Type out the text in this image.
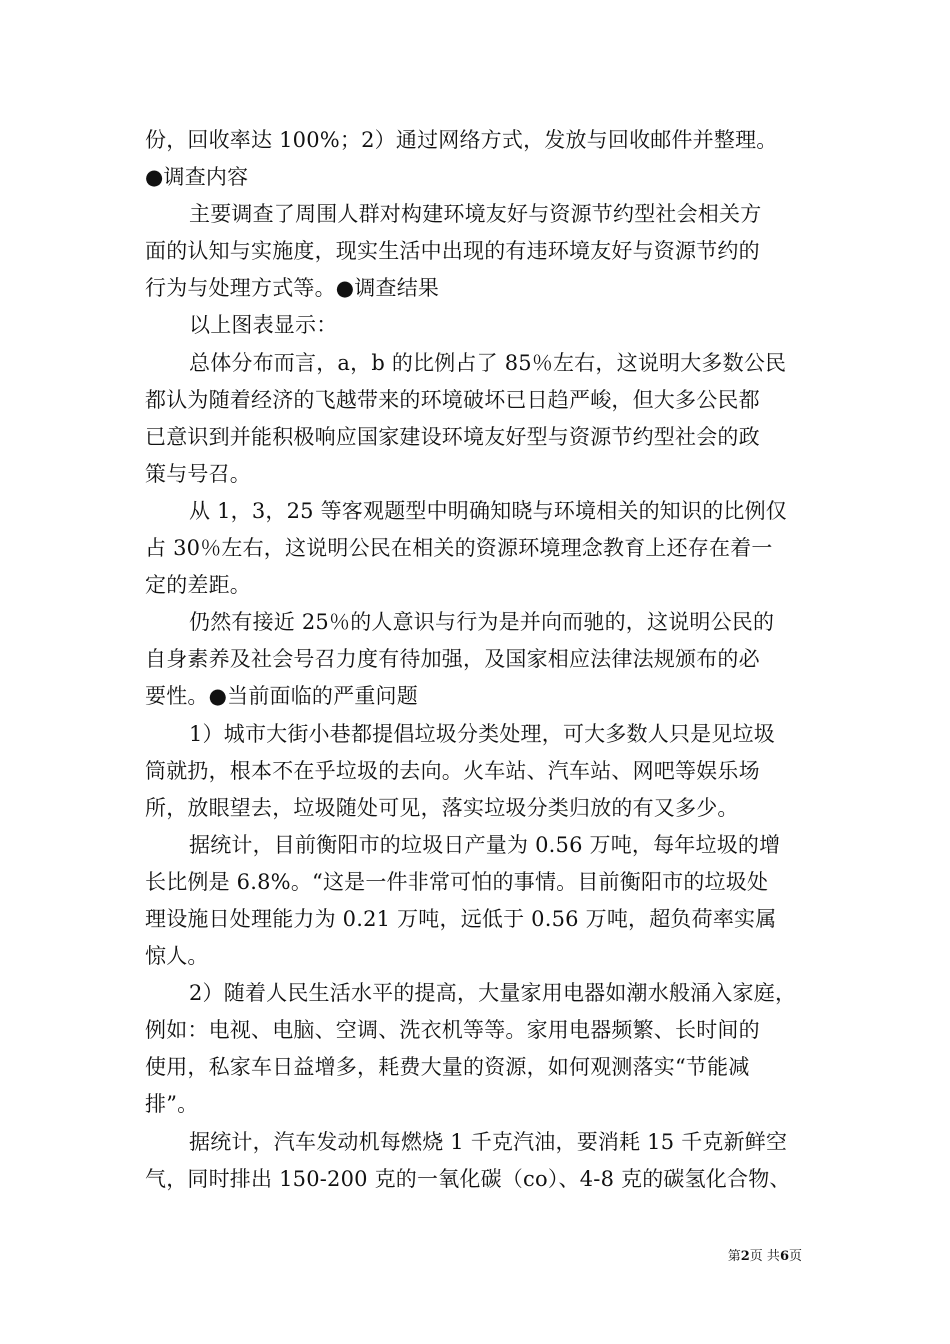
份，回收率达 100%；2）通过网络方式，发放与回收邮件并整理。
●调查内容
主要调查了周围人群对构建环境友好与资源节约型社会相关方
面的认知与实施度，现实生活中出现的有违环境友好与资源节约的
行为与处理方式等。●调查结果
以上图表显示：
总体分布而言，a，b 的比例占了 85％左右，这说明大多数公民
都认为随着经济的飞越带来的环境破坏已日趋严峻，但大多公民都
已意识到并能积极响应国家建设环境友好型与资源节约型社会的政
策与号召。
从 1，3，25 等客观题型中明确知晓与环境相关的知识的比例仅
占 30％左右，这说明公民在相关的资源环境理念教育上还存在着一
定的差距。
仍然有接近 25％的人意识与行为是并向而驰的，这说明公民的
自身素养及社会号召力度有待加强，及国家相应法律法规颁布的必
要性。●当前面临的严重问题
1）城市大街小巷都提倡垃圾分类处理，可大多数人只是见垃圾
筒就扔，根本不在乎垃圾的去向。火车站、汽车站、网吧等娱乐场
所，放眼望去，垃圾随处可见，落实垃圾分类归放的有又多少。
据统计，目前衡阳市的垃圾日产量为 0.56 万吨，每年垃圾的增
长比例是 6.8%。“这是一件非常可怕的事情。目前衡阳市的垃圾处
理设施日处理能力为 0.21 万吨，远低于 0.56 万吨，超负荷率实属
惊人。
2）随着人民生活水平的提高，大量家用电器如潮水般涌入家庭，
例如：电视、电脑、空调、洗衣机等等。家用电器频繁、长时间的
使用，私家车日益增多，耗费大量的资源，如何观测落实“节能减
排”。
据统计，汽车发动机每燃烧 1 千克汽油，要消耗 15 千克新鲜空
气，同时排出 150-200 克的一氧化碳（co）、4-8 克的碳氢化合物、
第2页 共6页
